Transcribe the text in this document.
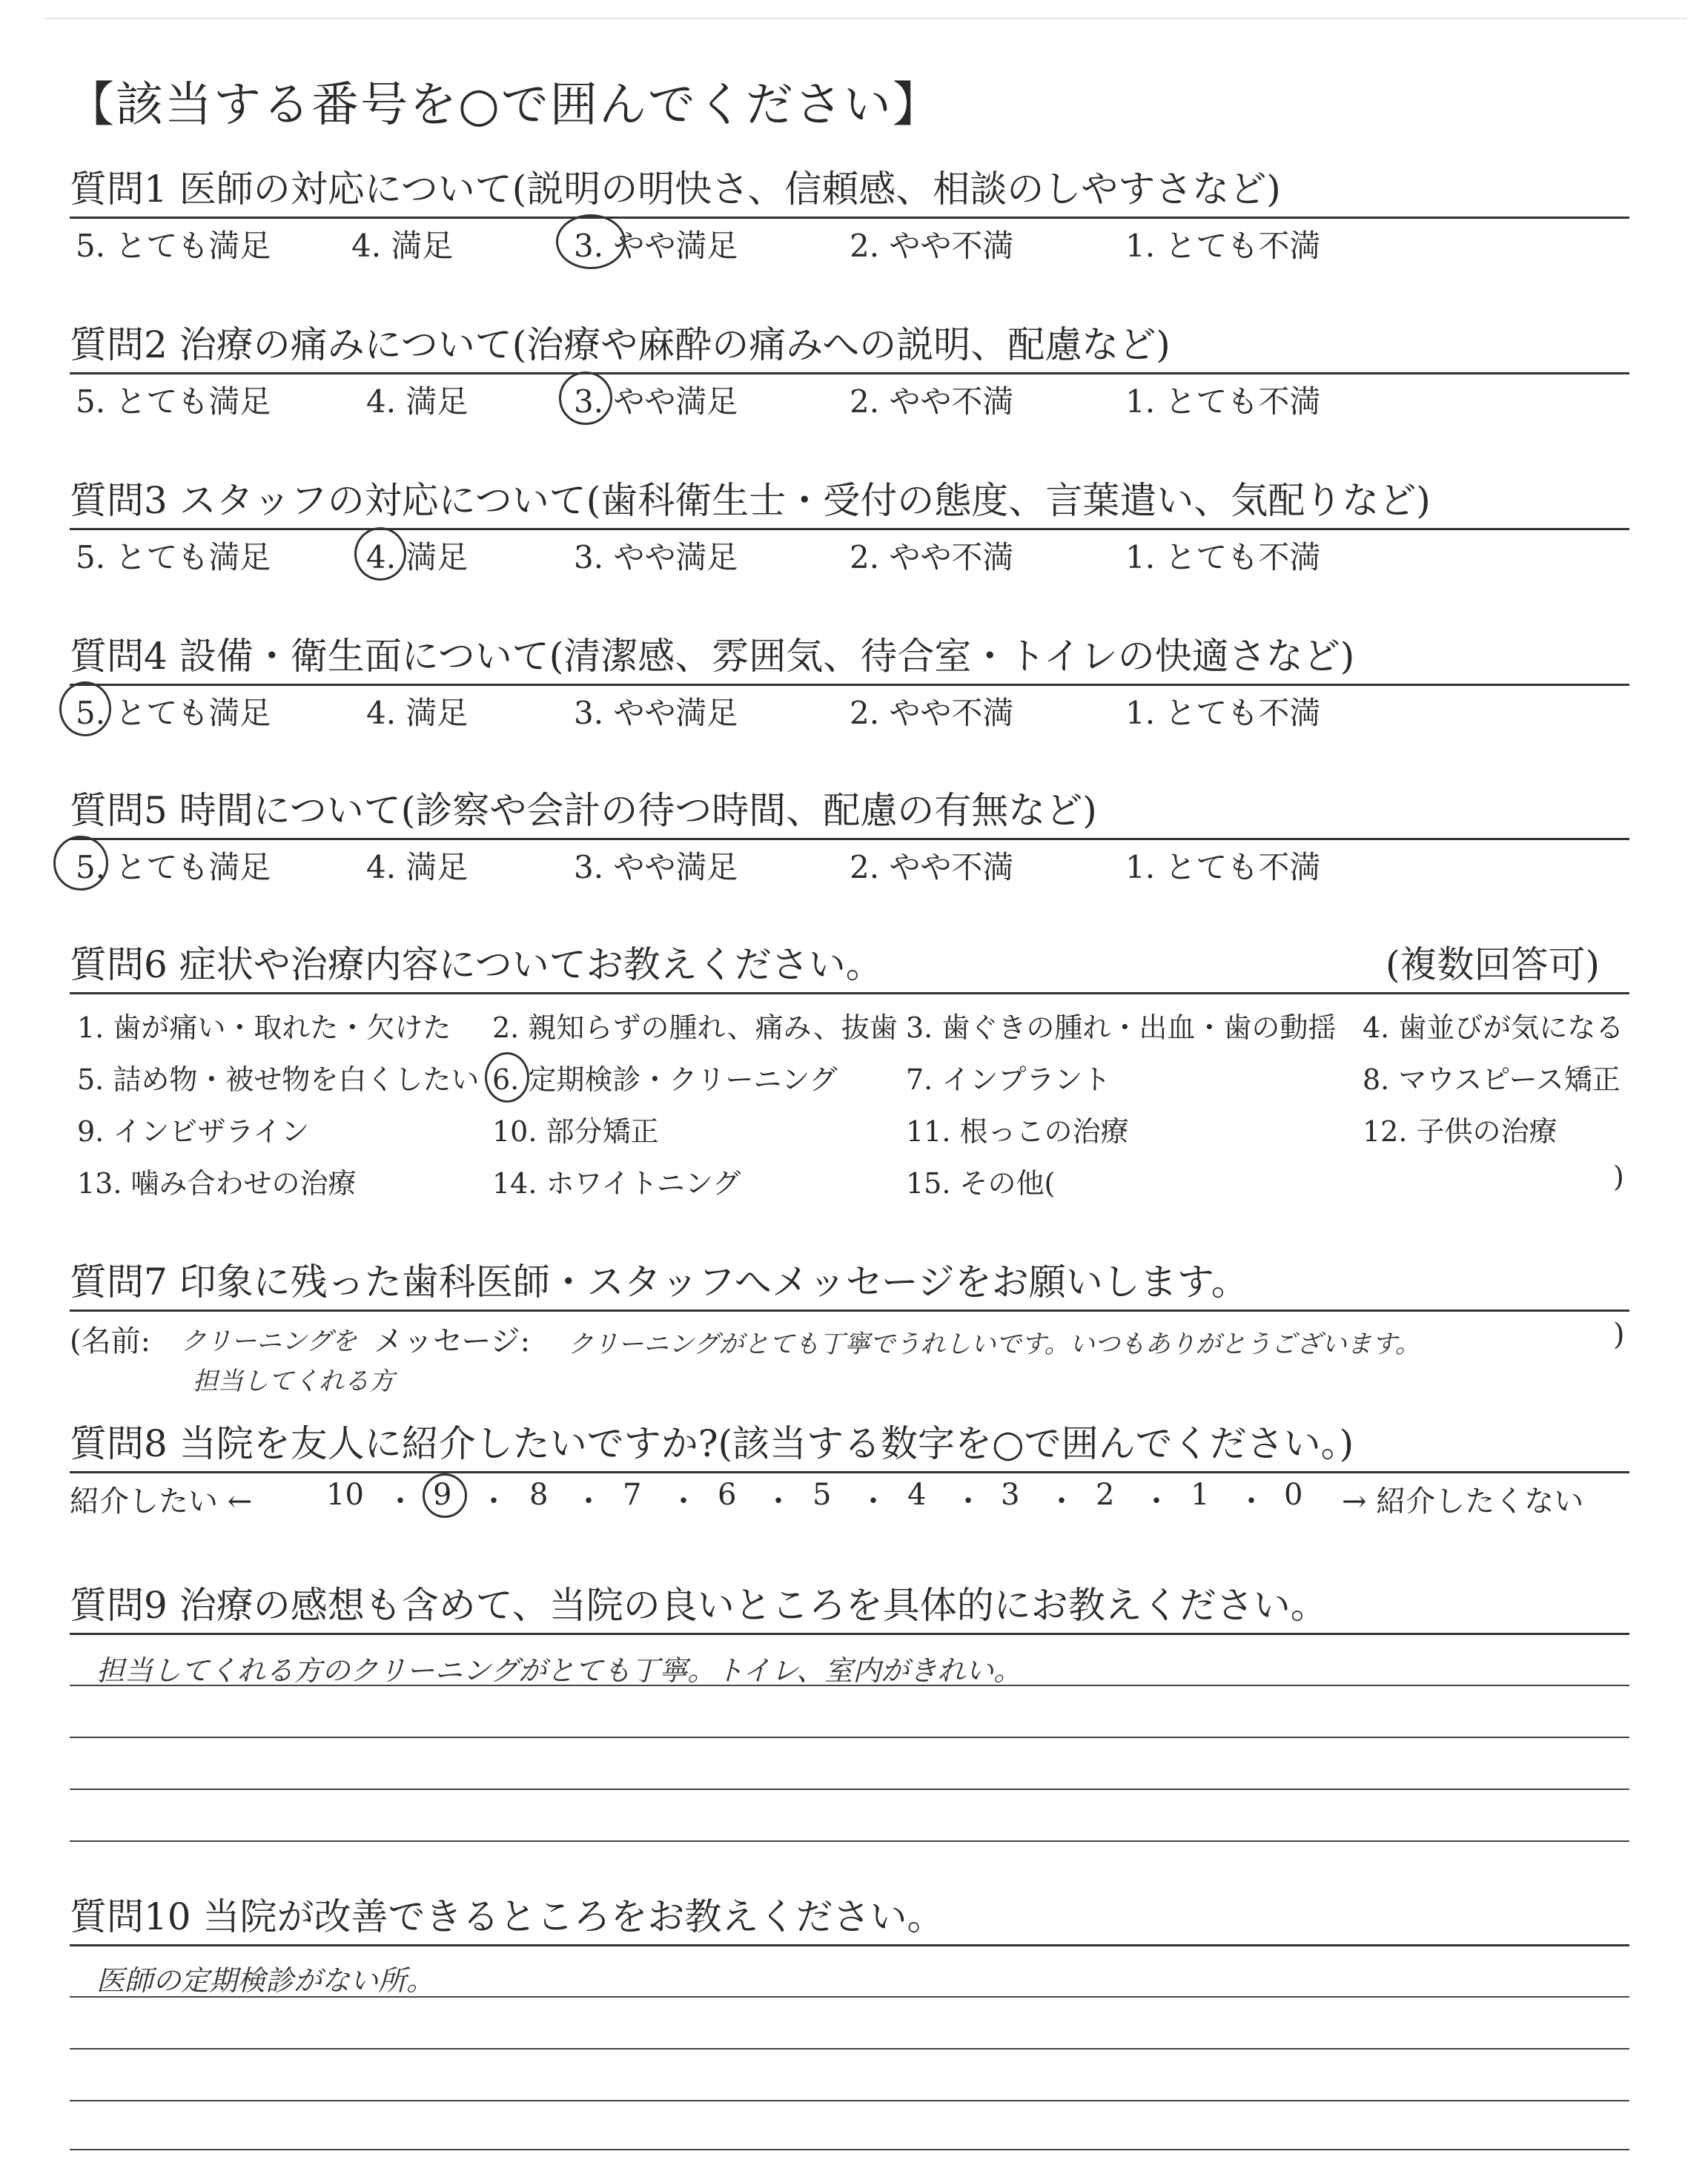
【該当する番号を○で囲んでください】
質問1 医師の対応について(説明の明快さ、信頼感、相談のしやすさなど)
5. とても満足	4. 満足	3. やや満足	2. やや不満	1. とても不満
質問2 治療の痛みについて(治療や麻酔の痛みへの説明、配慮など)
5. とても満足	4. 満足	3. やや満足	2. やや不満	1. とても不満
質問3 スタッフの対応について(歯科衛生士・受付の態度、言葉遣い、気配りなど)
5. とても満足	4. 満足	3. やや満足	2. やや不満	1. とても不満
質問4 設備・衛生面について(清潔感、雰囲気、待合室・トイレの快適さなど)
5. とても満足	4. 満足	3. やや満足	2. やや不満	1. とても不満
質問5 時間について(診察や会計の待つ時間、配慮の有無など)
5. とても満足	4. 満足	3. やや満足	2. やや不満	1. とても不満
質問6 症状や治療内容についてお教えください。	(複数回答可)
1. 歯が痛い・取れた・欠けた 2. 親知らずの腫れ、痛み、抜歯 3. 歯ぐきの腫れ・出血・歯の動揺 4. 歯並びが気になる
5. 詰め物・被せ物を白くしたい 6. 定期検診・クリーニング 7. インプラント	8. マウスピース矯正
9. インビザライン	10. 部分矯正	11. 根っこの治療	12. 子供の治療
13. 噛み合わせの治療	14. ホワイトニング	15. その他(	)
質問7 印象に残った歯科医師・スタッフへメッセージをお願いします。
(名前: クリーニングを
担当してくれる方
メッセージ: クリーニングがとても丁寧でうれしいです。いつもありがとうございます。	)
質問8 当院を友人に紹介したいですか?(該当する数字を○で囲んでください。)
紹介したい ← 10 ・ 9 ・ 8 ・ 7 ・ 6 ・ 5 ・ 4 ・ 3 ・ 2 ・ 1 ・ 0 → 紹介したくない
質問9 治療の感想も含めて、当院の良いところを具体的にお教えください。
担当してくれる方のクリーニングがとても丁寧。トイレ、室内がきれい。
質問10 当院が改善できるところをお教えください。
医師の定期検診がない所。
